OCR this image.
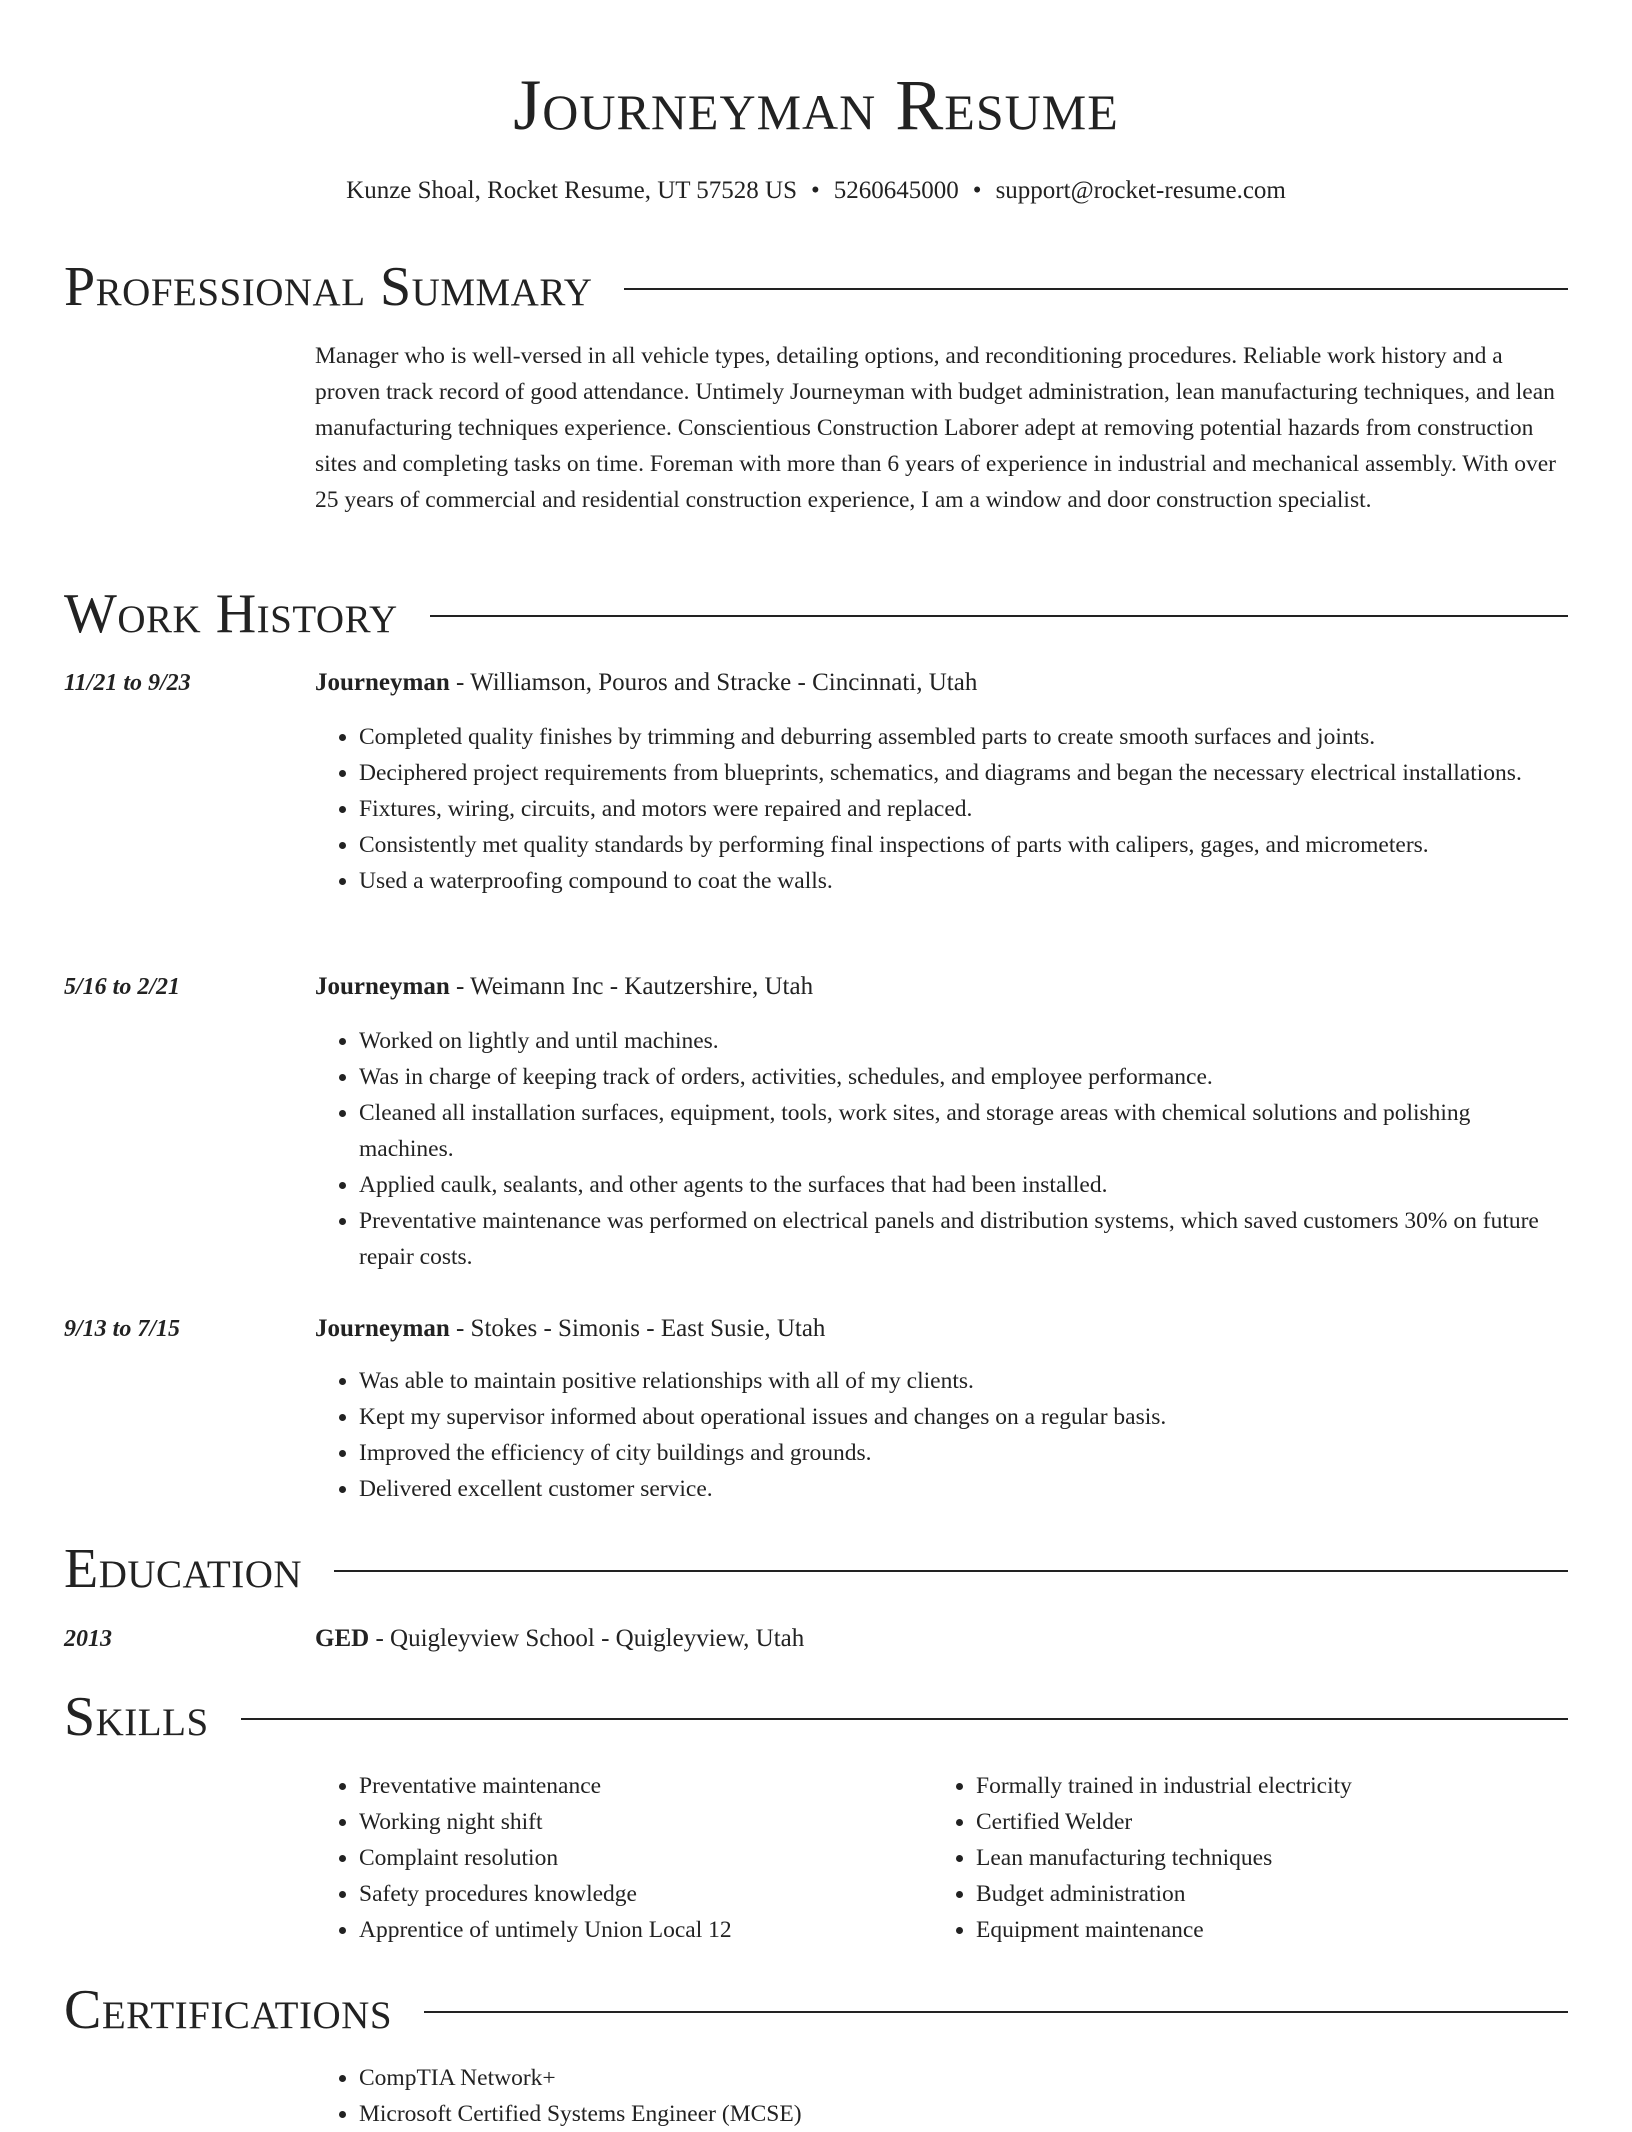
Journeyman Resume
Kunze Shoal, Rocket Resume, UT 57528 US • 5260645000 • support@rocket-resume.com
Professional Summary
Manager who is well-versed in all vehicle types, detailing options, and reconditioning procedures. Reliable work history and a proven track record of good attendance. Untimely Journeyman with budget administration, lean manufacturing techniques, and lean manufacturing techniques experience. Conscientious Construction Laborer adept at removing potential hazards from construction sites and completing tasks on time. Foreman with more than 6 years of experience in industrial and mechanical assembly. With over 25 years of commercial and residential construction experience, I am a window and door construction specialist.
Work History
11/21 to 9/23	Journeyman - Williamson, Pouros and Stracke - Cincinnati, Utah
• Completed quality finishes by trimming and deburring assembled parts to create smooth surfaces and joints.
• Deciphered project requirements from blueprints, schematics, and diagrams and began the necessary electrical installations.
• Fixtures, wiring, circuits, and motors were repaired and replaced.
• Consistently met quality standards by performing final inspections of parts with calipers, gages, and micrometers.
• Used a waterproofing compound to coat the walls.
5/16 to 2/21	Journeyman - Weimann Inc - Kautzershire, Utah
• Worked on lightly and until machines.
• Was in charge of keeping track of orders, activities, schedules, and employee performance.
• Cleaned all installation surfaces, equipment, tools, work sites, and storage areas with chemical solutions and polishing machines.
• Applied caulk, sealants, and other agents to the surfaces that had been installed.
• Preventative maintenance was performed on electrical panels and distribution systems, which saved customers 30% on future repair costs.
9/13 to 7/15	Journeyman - Stokes - Simonis - East Susie, Utah
• Was able to maintain positive relationships with all of my clients.
• Kept my supervisor informed about operational issues and changes on a regular basis.
• Improved the efficiency of city buildings and grounds.
• Delivered excellent customer service.
Education
2013	GED - Quigleyview School - Quigleyview, Utah
Skills
• Preventative maintenance
• Working night shift
• Complaint resolution
• Safety procedures knowledge
• Apprentice of untimely Union Local 12
• Formally trained in industrial electricity
• Certified Welder
• Lean manufacturing techniques
• Budget administration
• Equipment maintenance
Certifications
• CompTIA Network+
• Microsoft Certified Systems Engineer (MCSE)
